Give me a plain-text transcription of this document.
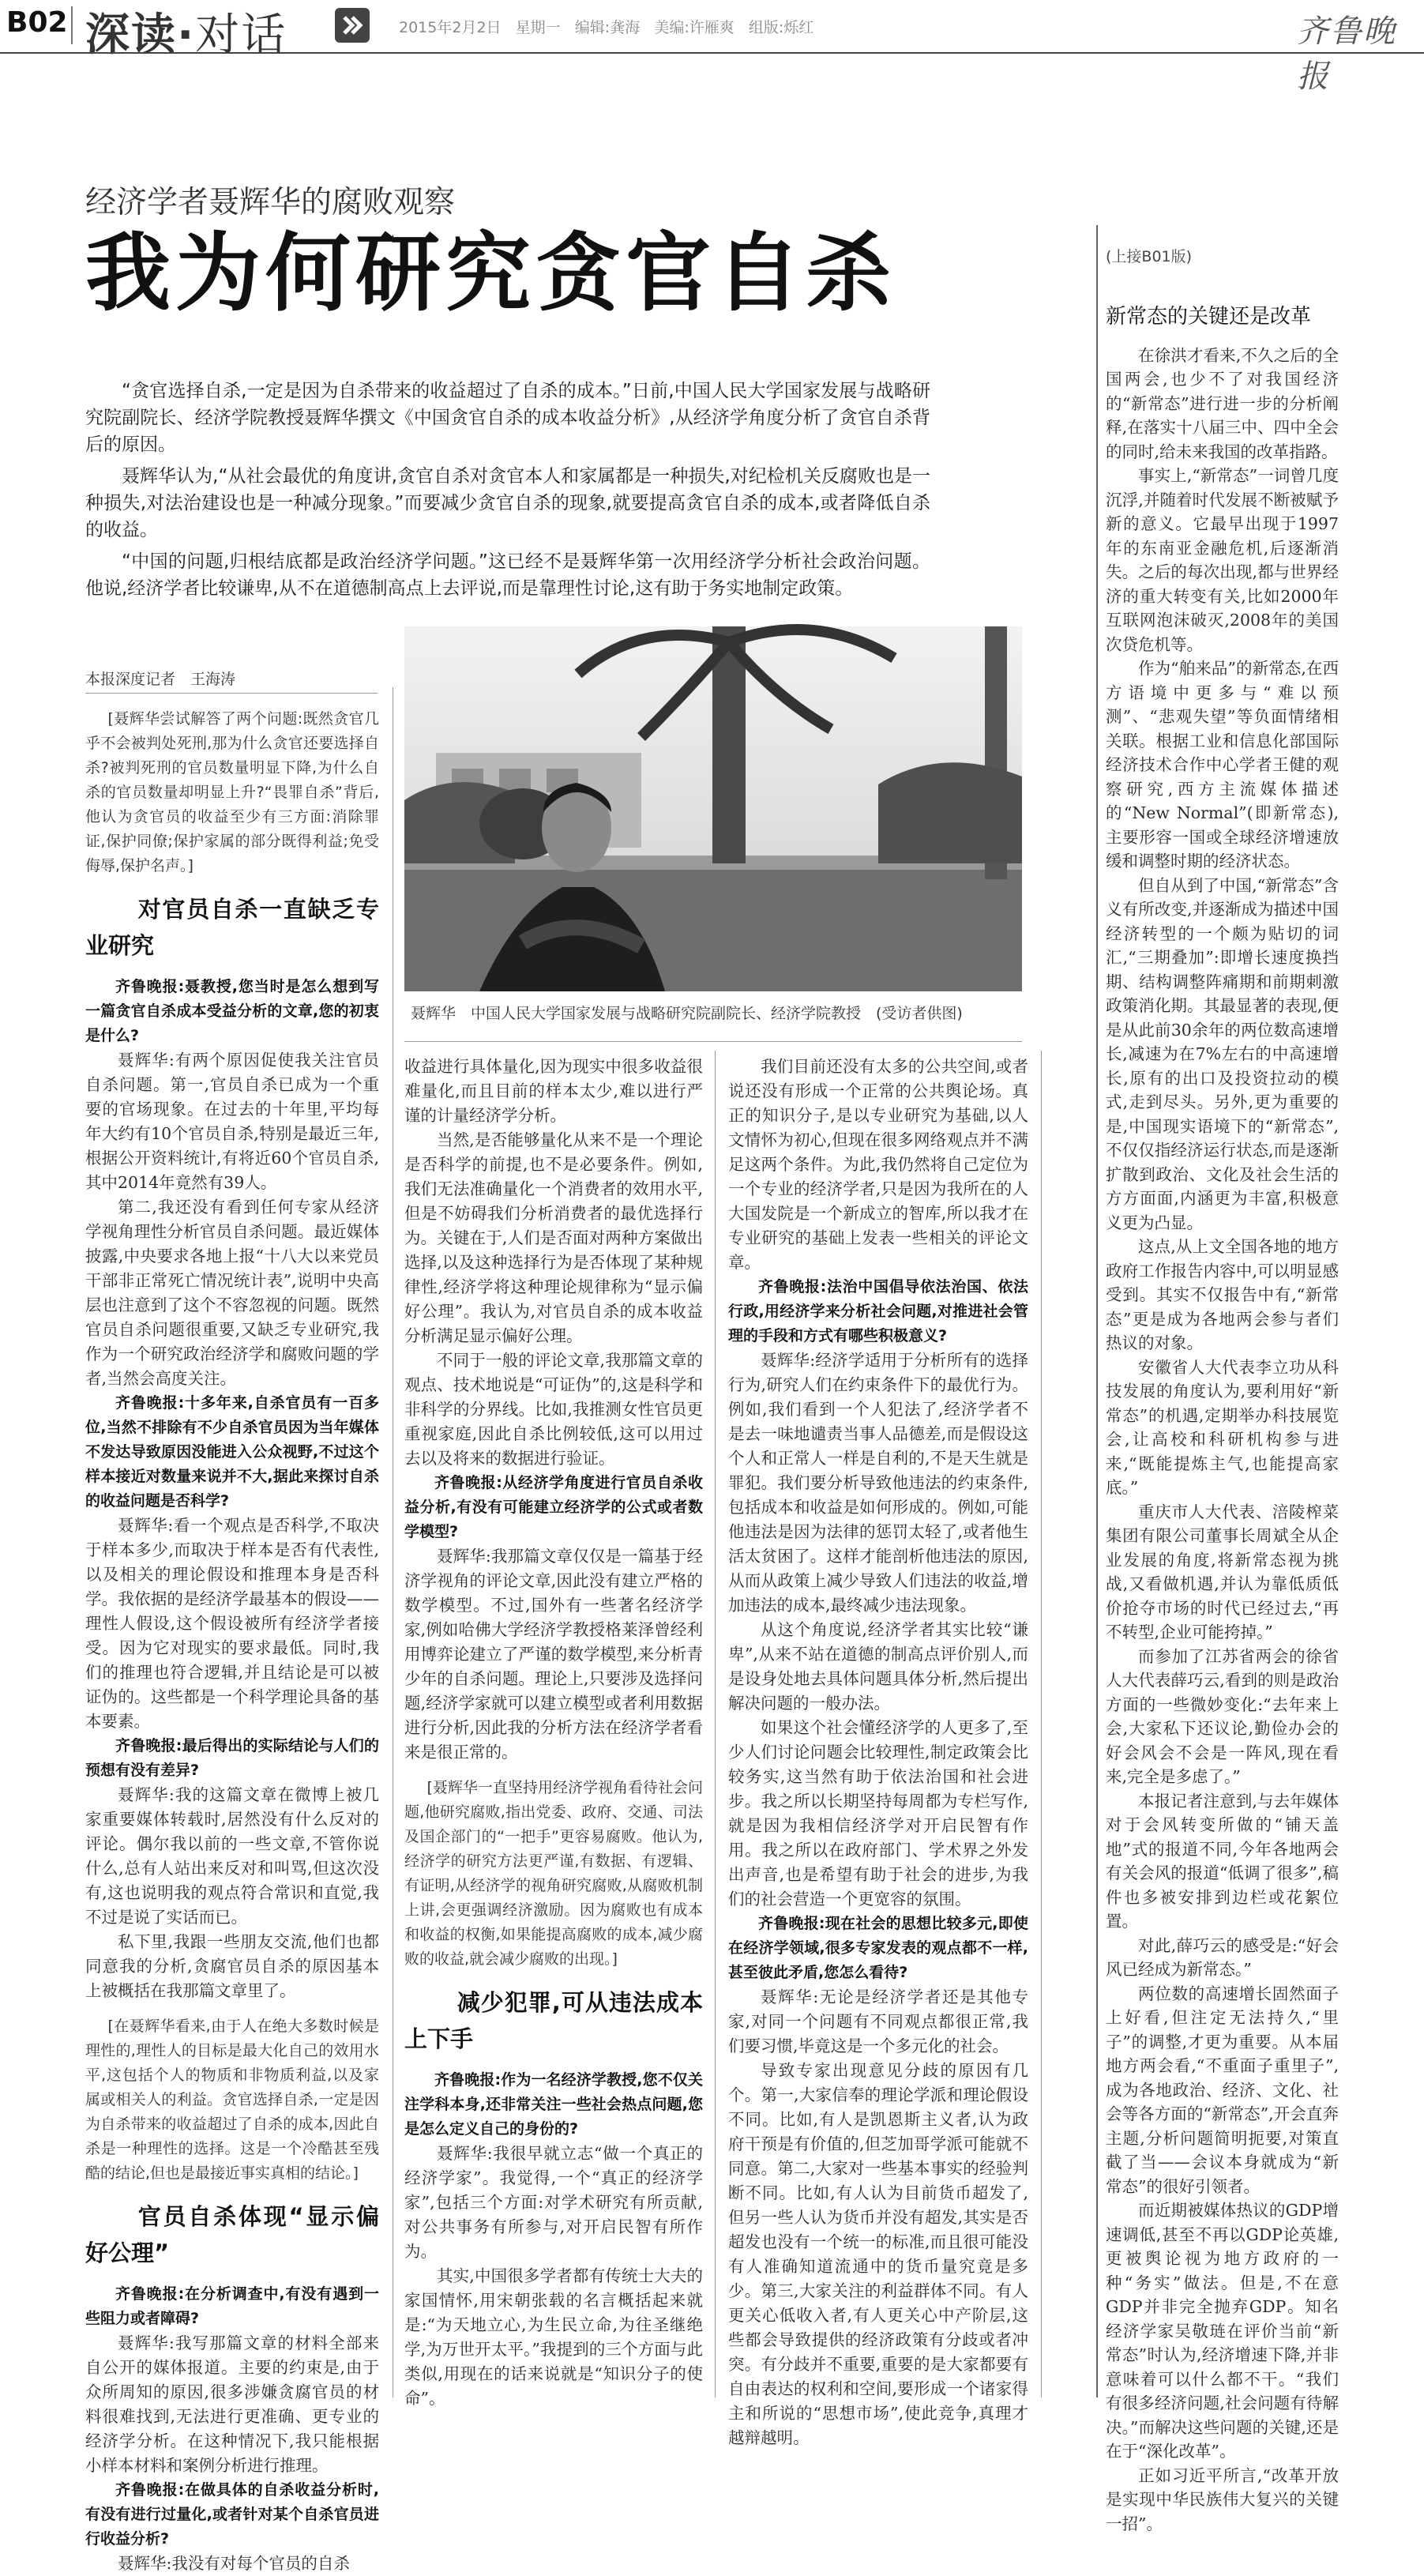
B02 深读·对话	2015年2月2日 星期一 编辑:龚海 美编:许雁爽 组版:烁红	齐鲁晚报
经济学者聂辉华的腐败观察
我为何研究贪官自杀

“贪官选择自杀,一定是因为自杀带来的收益超过了自杀的成本。”日前,中国人民大学国家发展与战略研究院副院长、经济学院教授聂辉华撰文《中国贪官自杀的成本收益分析》,从经济学角度分析了贪官自杀背后的原因。

聂辉华认为,“从社会最优的角度讲,贪官自杀对贪官本人和家属都是一种损失,对纪检机关反腐败也是一种损失,对法治建设也是一种减分现象。”而要减少贪官自杀的现象,就要提高贪官自杀的成本,或者降低自杀的收益。

“中国的问题,归根结底都是政治经济学问题。”这已经不是聂辉华第一次用经济学分析社会政治问题。他说,经济学者比较谦卑,从不在道德制高点上去评说,而是靠理性讨论,这有助于务实地制定政策。

本报深度记者　王海涛
聂辉华　中国人民大学国家发展与战略研究院副院长、经济学院教授　(受访者供图)

[聂辉华尝试解答了两个问题:既然贪官几乎不会被判处死刑,那为什么贪官还要选择自杀?被判死刑的官员数量明显下降,为什么自杀的官员数量却明显上升?“畏罪自杀”背后,他认为贪官员的收益至少有三方面:消除罪证,保护同僚;保护家属的部分既得利益;免受侮辱,保护名声。]

对官员自杀一直缺乏专业研究

齐鲁晚报:聂教授,您当时是怎么想到写一篇贪官自杀成本受益分析的文章,您的初衷是什么?

聂辉华:有两个原因促使我关注官员自杀问题。第一,官员自杀已成为一个重要的官场现象。在过去的十年里,平均每年大约有10个官员自杀,特别是最近三年,根据公开资料统计,有将近60个官员自杀,其中2014年竟然有39人。

第二,我还没有看到任何专家从经济学视角理性分析官员自杀问题。最近媒体披露,中央要求各地上报“十八大以来党员干部非正常死亡情况统计表”,说明中央高层也注意到了这个不容忽视的问题。既然官员自杀问题很重要,又缺乏专业研究,我作为一个研究政治经济学和腐败问题的学者,当然会高度关注。

齐鲁晚报:十多年来,自杀官员有一百多位,当然不排除有不少自杀官员因为当年媒体不发达导致原因没能进入公众视野,不过这个样本接近对数量来说并不大,据此来探讨自杀的收益问题是否科学?

聂辉华:看一个观点是否科学,不取决于样本多少,而取决于样本是否有代表性,以及相关的理论假设和推理本身是否科学。我依据的是经济学最基本的假设——理性人假设,这个假设被所有经济学者接受。因为它对现实的要求最低。同时,我们的推理也符合逻辑,并且结论是可以被证伪的。这些都是一个科学理论具备的基本要素。

齐鲁晚报:最后得出的实际结论与人们的预想有没有差异?

聂辉华:我的这篇文章在微博上被几家重要媒体转载时,居然没有什么反对的评论。偶尔我以前的一些文章,不管你说什么,总有人站出来反对和叫骂,但这次没有,这也说明我的观点符合常识和直觉,我不过是说了实话而已。

私下里,我跟一些朋友交流,他们也都同意我的分析,贪腐官员自杀的原因基本上被概括在我那篇文章里了。

[在聂辉华看来,由于人在绝大多数时候是理性的,理性人的目标是最大化自己的效用水平,这包括个人的物质和非物质利益,以及家属或相关人的利益。贪官选择自杀,一定是因为自杀带来的收益超过了自杀的成本,因此自杀是一种理性的选择。这是一个冷酷甚至残酷的结论,但也是最接近事实真相的结论。]

官员自杀体现“显示偏好公理”

齐鲁晚报:在分析调查中,有没有遇到一些阻力或者障碍?

聂辉华:我写那篇文章的材料全部来自公开的媒体报道。主要的约束是,由于众所周知的原因,很多涉嫌贪腐官员的材料很难找到,无法进行更准确、更专业的经济学分析。在这种情况下,我只能根据小样本材料和案例分析进行推理。

齐鲁晚报:在做具体的自杀收益分析时,有没有进行过量化,或者针对某个自杀官员进行收益分析?

聂辉华:我没有对每个官员的自杀

收益进行具体量化,因为现实中很多收益很难量化,而且目前的样本太少,难以进行严谨的计量经济学分析。

当然,是否能够量化从来不是一个理论是否科学的前提,也不是必要条件。例如,我们无法准确量化一个消费者的效用水平,但是不妨碍我们分析消费者的最优选择行为。关键在于,人们是否面对两种方案做出选择,以及这种选择行为是否体现了某种规律性,经济学将这种理论规律称为“显示偏好公理”。我认为,对官员自杀的成本收益分析满足显示偏好公理。

不同于一般的评论文章,我那篇文章的观点、技术地说是“可证伪”的,这是科学和非科学的分界线。比如,我推测女性官员更重视家庭,因此自杀比例较低,这可以用过去以及将来的数据进行验证。

齐鲁晚报:从经济学角度进行官员自杀收益分析,有没有可能建立经济学的公式或者数学模型?

聂辉华:我那篇文章仅仅是一篇基于经济学视角的评论文章,因此没有建立严格的数学模型。不过,国外有一些著名经济学家,例如哈佛大学经济学教授格莱泽曾经利用博弈论建立了严谨的数学模型,来分析青少年的自杀问题。理论上,只要涉及选择问题,经济学家就可以建立模型或者利用数据进行分析,因此我的分析方法在经济学者看来是很正常的。

[聂辉华一直坚持用经济学视角看待社会问题,他研究腐败,指出党委、政府、交通、司法及国企部门的“一把手”更容易腐败。他认为,经济学的研究方法更严谨,有数据、有逻辑、有证明,从经济学的视角研究腐败,从腐败机制上讲,会更强调经济激励。因为腐败也有成本和收益的权衡,如果能提高腐败的成本,减少腐败的收益,就会减少腐败的出现。]

减少犯罪,可从违法成本上下手

齐鲁晚报:作为一名经济学教授,您不仅关注学科本身,还非常关注一些社会热点问题,您是怎么定义自己的身份的?

聂辉华:我很早就立志“做一个真正的经济学家”。我觉得,一个“真正的经济学家”,包括三个方面:对学术研究有所贡献,对公共事务有所参与,对开启民智有所作为。

其实,中国很多学者都有传统士大夫的家国情怀,用宋朝张载的名言概括起来就是:“为天地立心,为生民立命,为往圣继绝学,为万世开太平。”我提到的三个方面与此类似,用现在的话来说就是“知识分子的使命”。

我们目前还没有太多的公共空间,或者说还没有形成一个正常的公共舆论场。真正的知识分子,是以专业研究为基础,以人文情怀为初心,但现在很多网络观点并不满足这两个条件。为此,我仍然将自己定位为一个专业的经济学者,只是因为我所在的人大国发院是一个新成立的智库,所以我才在专业研究的基础上发表一些相关的评论文章。

齐鲁晚报:法治中国倡导依法治国、依法行政,用经济学来分析社会问题,对推进社会管理的手段和方式有哪些积极意义?

聂辉华:经济学适用于分析所有的选择行为,研究人们在约束条件下的最优行为。例如,我们看到一个人犯法了,经济学者不是去一味地谴责当事人品德差,而是假设这个人和正常人一样是自利的,不是天生就是罪犯。我们要分析导致他违法的约束条件,包括成本和收益是如何形成的。例如,可能他违法是因为法律的惩罚太轻了,或者他生活太贫困了。这样才能剖析他违法的原因,从而从政策上减少导致人们违法的收益,增加违法的成本,最终减少违法现象。

从这个角度说,经济学者其实比较“谦卑”,从来不站在道德的制高点评价别人,而是设身处地去具体问题具体分析,然后提出解决问题的一般办法。

如果这个社会懂经济学的人更多了,至少人们讨论问题会比较理性,制定政策会比较务实,这当然有助于依法治国和社会进步。我之所以长期坚持每周都为专栏写作,就是因为我相信经济学对开启民智有作用。我之所以在政府部门、学术界之外发出声音,也是希望有助于社会的进步,为我们的社会营造一个更宽容的氛围。

齐鲁晚报:现在社会的思想比较多元,即使在经济学领域,很多专家发表的观点都不一样,甚至彼此矛盾,您怎么看待?

聂辉华:无论是经济学者还是其他专家,对同一个问题有不同观点都很正常,我们要习惯,毕竟这是一个多元化的社会。

导致专家出现意见分歧的原因有几个。第一,大家信奉的理论学派和理论假设不同。比如,有人是凯恩斯主义者,认为政府干预是有价值的,但芝加哥学派可能就不同意。第二,大家对一些基本事实的经验判断不同。比如,有人认为目前货币超发了,但另一些人认为货币并没有超发,其实是否超发也没有一个统一的标准,而且很可能没有人准确知道流通中的货币量究竟是多少。第三,大家关注的利益群体不同。有人更关心低收入者,有人更关心中产阶层,这些都会导致提供的经济政策有分歧或者冲突。有分歧并不重要,重要的是大家都要有自由表达的权利和空间,要形成一个诸家得主和所说的“思想市场”,使此竞争,真理才越辩越明。

(上接B01版)

新常态的关键还是改革

在徐洪才看来,不久之后的全国两会,也少不了对我国经济的“新常态”进行进一步的分析阐释,在落实十八届三中、四中全会的同时,给未来我国的改革指路。

事实上,“新常态”一词曾几度沉浮,并随着时代发展不断被赋予新的意义。它最早出现于1997年的东南亚金融危机,后逐渐消失。之后的每次出现,都与世界经济的重大转变有关,比如2000年互联网泡沫破灭,2008年的美国次贷危机等。

作为“舶来品”的新常态,在西方语境中更多与“难以预测”、“悲观失望”等负面情绪相关联。根据工业和信息化部国际经济技术合作中心学者王健的观察研究,西方主流媒体描述的“New Normal”(即新常态),主要形容一国或全球经济增速放缓和调整时期的经济状态。

但自从到了中国,“新常态”含义有所改变,并逐渐成为描述中国经济转型的一个颇为贴切的词汇,“三期叠加”:即增长速度换挡期、结构调整阵痛期和前期刺激政策消化期。其最显著的表现,便是从此前30余年的两位数高速增长,减速为在7%左右的中高速增长,原有的出口及投资拉动的模式,走到尽头。另外,更为重要的是,中国现实语境下的“新常态”,不仅仅指经济运行状态,而是逐渐扩散到政治、文化及社会生活的方方面面,内涵更为丰富,积极意义更为凸显。

这点,从上文全国各地的地方政府工作报告内容中,可以明显感受到。其实不仅报告中有,“新常态”更是成为各地两会参与者们热议的对象。

安徽省人大代表李立功从科技发展的角度认为,要利用好“新常态”的机遇,定期举办科技展览会,让高校和科研机构参与进来,“既能提炼主气,也能提高家底。”

重庆市人大代表、涪陵榨菜集团有限公司董事长周斌全从企业发展的角度,将新常态视为挑战,又看做机遇,并认为靠低质低价抢夺市场的时代已经过去,“再不转型,企业可能挎掉。”

而参加了江苏省两会的徐省人大代表薛巧云,看到的则是政治方面的一些微妙变化:“去年来上会,大家私下还议论,勤俭办会的好会风会不会是一阵风,现在看来,完全是多虑了。”

本报记者注意到,与去年媒体对于会风转变所做的“铺天盖地”式的报道不同,今年各地两会有关会风的报道“低调了很多”,稿件也多被安排到边栏或花絮位置。

对此,薛巧云的感受是:“好会风已经成为新常态。”

两位数的高速增长固然面子上好看,但注定无法持久,“里子”的调整,才更为重要。从本届地方两会看,“不重面子重里子”,成为各地政治、经济、文化、社会等各方面的“新常态”,开会直奔主题,分析问题简明扼要,对策直截了当——会议本身就成为“新常态”的很好引领者。

而近期被媒体热议的GDP增速调低,甚至不再以GDP论英雄,更被舆论视为地方政府的一种“务实”做法。但是,不在意GDP并非完全抛弃GDP。知名经济学家吴敬琏在评价当前“新常态”时认为,经济增速下降,并非意味着可以什么都不干。“我们有很多经济问题,社会问题有待解决。”而解决这些问题的关键,还是在于“深化改革”。

正如习近平所言,“改革开放是实现中华民族伟大复兴的关键一招”。
